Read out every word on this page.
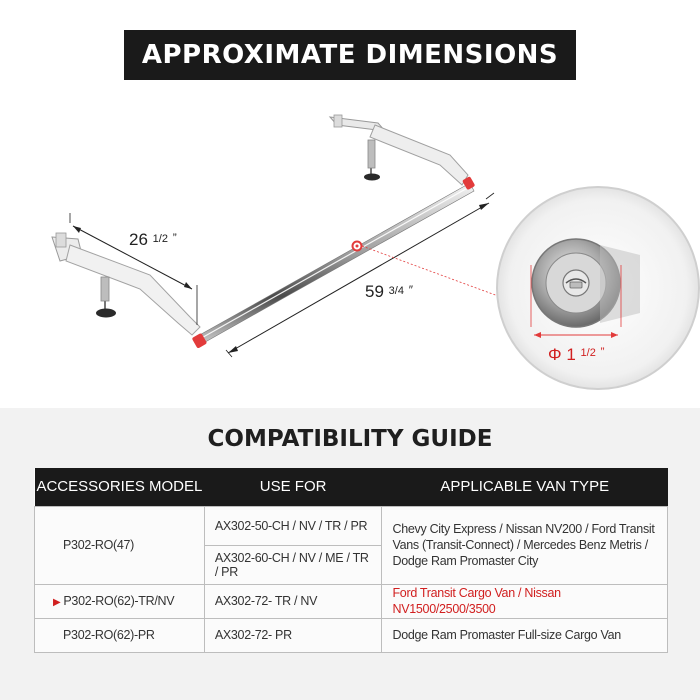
APPROXIMATE DIMENSIONS
26 1/2 ”
59 3/4 ″
Φ 1 $^{1/2}$ ”
COMPATIBILITY GUIDE
ACCESSORIES MODEL	USE FOR	APPLICABLE VAN TYPE
P302-RO(47)	AX302-50-CH / NV / TR / PR	Chevy City Express / Nissan NV200 / Ford Transit Vans (Transit-Connect) / Mercedes Benz Metris / Dodge Ram Promaster City
	AX302-60-CH / NV / ME / TR / PR	
▶ P302-RO(62)-TR/NV	AX302-72- TR / NV	Ford Transit Cargo Van / Nissan NV1500/2500/3500
P302-RO(62)-PR	AX302-72- PR	Dodge Ram Promaster Full-size Cargo Van
